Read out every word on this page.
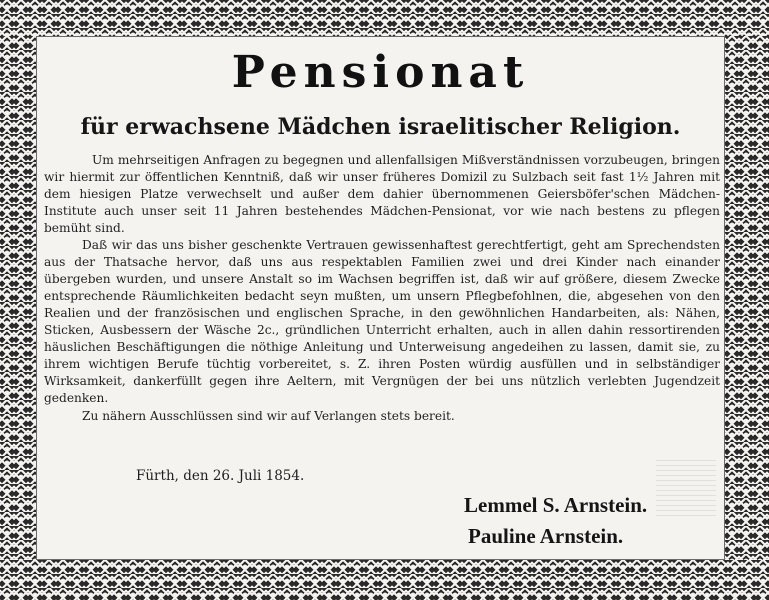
Pensionat
für erwachsene Mädchen israelitischer Religion.

Um mehrseitigen Anfragen zu begegnen und allenfallsigen Mißverständnissen vorzubeugen, bringen wir hiermit zur öffentlichen Kenntniß, daß wir unser früheres Domizil zu Sulzbach seit fast 1½ Jahren mit dem hiesigen Platze verwechselt und außer dem dahier übernommenen Geiersböfer'schen Mädchen-Institute auch unser seit 11 Jahren bestehendes Mädchen-Pensionat, vor wie nach bestens zu pflegen bemüht sind.

Daß wir das uns bisher geschenkte Vertrauen gewissenhaftest gerechtfertigt, geht am Sprechendsten aus der Thatsache hervor, daß uns aus respektablen Familien zwei und drei Kinder nach einander übergeben wurden, und unsere Anstalt so im Wachsen begriffen ist, daß wir auf größere, diesem Zwecke entsprechende Räumlichkeiten bedacht seyn mußten, um unsern Pflegbefohlnen, die, abgesehen von den Realien und der französischen und englischen Sprache, in den gewöhnlichen Handarbeiten, als: Nähen, Sticken, Ausbessern der Wäsche 2c., gründlichen Unterricht erhalten, auch in allen dahin ressortirenden häuslichen Beschäftigungen die nöthige Anleitung und Unterweisung angedeihen zu lassen, damit sie, zu ihrem wichtigen Berufe tüchtig vorbereitet, s. Z. ihren Posten würdig ausfüllen und in selbständiger Wirksamkeit, dankerfüllt gegen ihre Aeltern, mit Vergnügen der bei uns nützlich verlebten Jugendzeit gedenken.

Zu nähern Ausschlüssen sind wir auf Verlangen stets bereit.

Fürth, den 26. Juli 1854.
Lemmel S. Arnstein.
Pauline Arnstein.
